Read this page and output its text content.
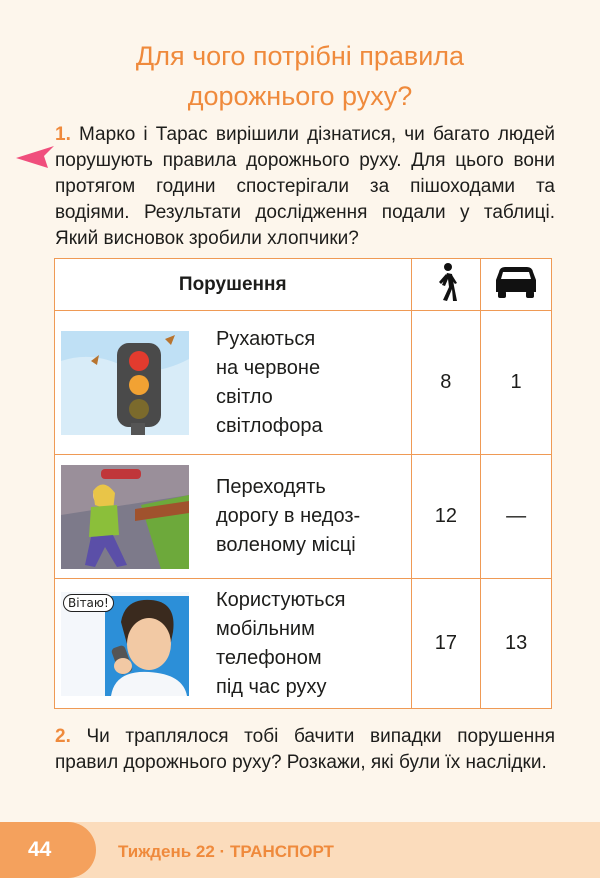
Для чого потрібні правила
дорожнього руху?

1. Марко і Тарас вирішили дізнатися, чи багато людей порушують правила дорожнього руху. Для цього вони протягом години спостерігали за пішоходами та водіями. Результати дослідження подали у таблиці. Який висновок зробили хлопчики?

Порушення		

Рухаються
на червоне
світло
світлофора	8	1

Переходять
дорогу в недоз-
воленому місці	12	—

Вітаю! Користуються
мобільним
телефоном
під час руху	17	13

2. Чи траплялося тобі бачити випадки порушення правил дорожнього руху? Розкажи, які були їх наслідки.

44	Тиждень 22 · ТРАНСПОРТ
